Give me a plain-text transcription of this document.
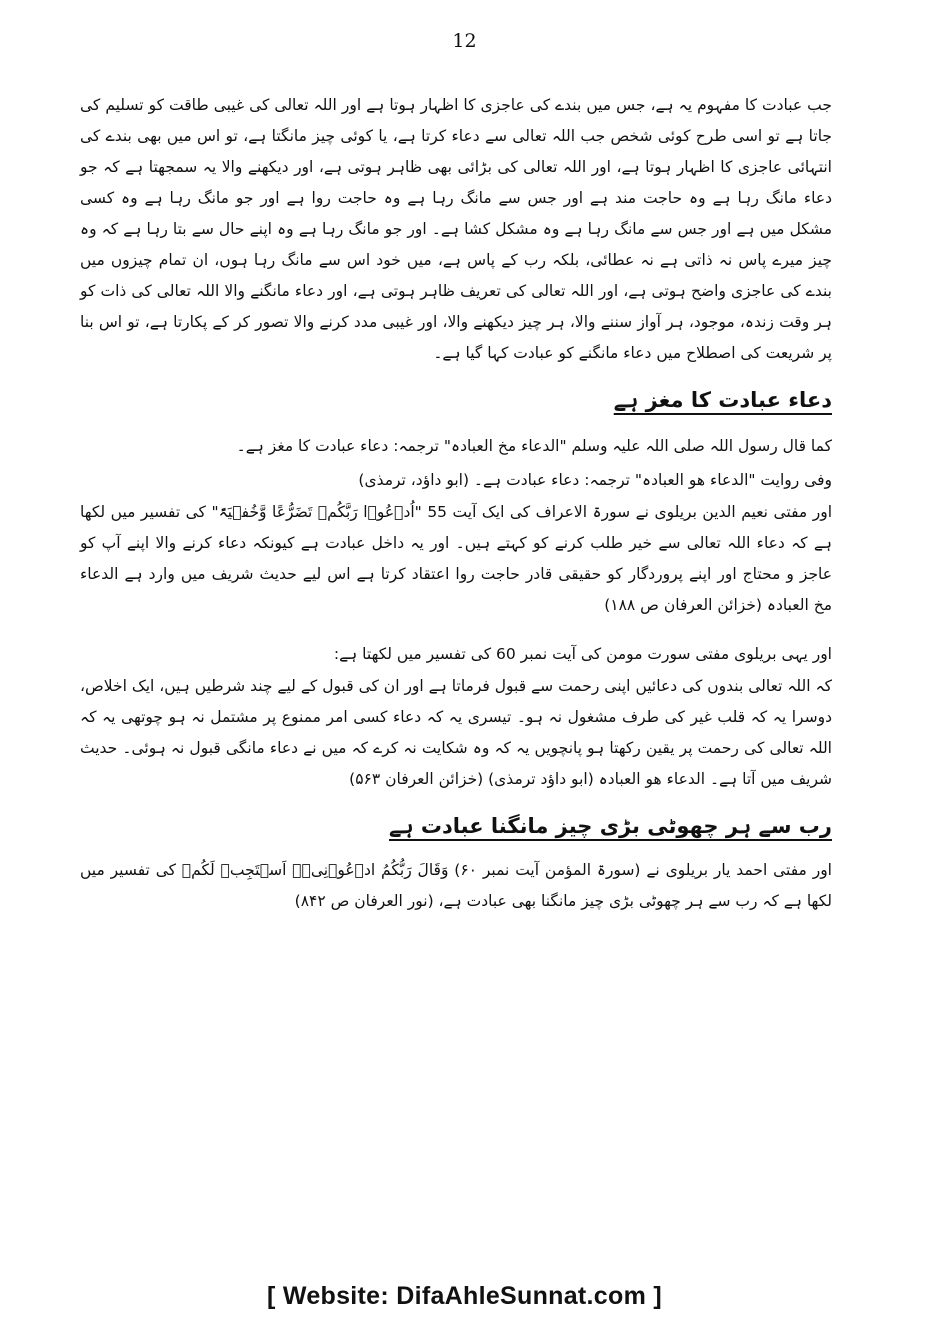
12

جب عبادت کا مفہوم یہ ہے، جس میں بندے کی عاجزی کا اظہار ہوتا ہے اور اللہ تعالی کی غیبی طاقت کو تسلیم کی جاتا ہے تو اسی طرح کوئی شخص جب اللہ تعالی سے دعاء کرتا ہے، یا کوئی چیز مانگتا ہے، تو اس میں بھی بندے کی انتہائی عاجزی کا اظہار ہوتا ہے، اور اللہ تعالی کی بڑائی بھی ظاہر ہوتی ہے، اور دیکھنے والا یہ سمجھتا ہے کہ جو دعاء مانگ رہا ہے وہ حاجت مند ہے اور جس سے مانگ رہا ہے وہ حاجت روا ہے اور جو مانگ رہا ہے وہ کسی مشکل میں ہے اور جس سے مانگ رہا ہے وہ مشکل کشا ہے۔ اور جو مانگ رہا ہے وہ اپنے حال سے بتا رہا ہے کہ وہ چیز میرے پاس نہ ذاتی ہے نہ عطائی، بلکہ رب کے پاس ہے، میں خود اس سے مانگ رہا ہوں، ان تمام چیزوں میں بندے کی عاجزی واضح ہوتی ہے، اور اللہ تعالی کی تعریف ظاہر ہوتی ہے، اور دعاء مانگنے والا اللہ تعالی کی ذات کو ہر وقت زندہ، موجود، ہر آواز سننے والا، ہر چیز دیکھنے والا، اور غیبی مدد کرنے والا تصور کر کے پکارتا ہے، تو اس بنا پر شریعت کی اصطلاح میں دعاء مانگنے کو عبادت کہا گیا ہے۔

دعاء عبادت کا مغز ہے

کما قال رسول اللہ صلی اللہ علیہ وسلم "الدعاء مخ العبادہ" ترجمہ: دعاء عبادت کا مغز ہے۔

وفی روایت "الدعاء ھو العبادہ" ترجمہ: دعاء عبادت ہے۔ (ابو داؤد، ترمذی)

اور مفتی نعیم الدین بریلوی نے سورۃ الاعراف کی ایک آیت 55 "اُدۡعُوۡا رَبَّکُمۡ تَضَرُّعًا وَّخُفۡیَۃً" کی تفسیر میں لکھا ہے کہ دعاء اللہ تعالی سے خیر طلب کرنے کو کہتے ہیں۔ اور یہ داخل عبادت ہے کیونکہ دعاء کرنے والا اپنے آپ کو عاجز و محتاج اور اپنے پروردگار کو حقیقی قادر حاجت روا اعتقاد کرتا ہے اس لیے حدیث شریف میں وارد ہے الدعاء مخ العبادہ (خزائن العرفان ص ۱۸۸)

اور یہی بریلوی مفتی سورت مومن کی آیت نمبر 60 کی تفسیر میں لکھتا ہے:

کہ اللہ تعالی بندوں کی دعائیں اپنی رحمت سے قبول فرماتا ہے اور ان کی قبول کے لیے چند شرطیں ہیں، ایک اخلاص، دوسرا یہ کہ قلب غیر کی طرف مشغول نہ ہو۔ تیسری یہ کہ دعاء کسی امر ممنوع پر مشتمل نہ ہو چوتھی یہ کہ اللہ تعالی کی رحمت پر یقین رکھتا ہو پانچویں یہ کہ وہ شکایت نہ کرے کہ میں نے دعاء مانگی قبول نہ ہوئی۔ حدیث شریف میں آتا ہے۔ الدعاء ھو العبادہ (ابو داؤد ترمذی) (خزائن العرفان ۵۶۳)

رب سے ہر چھوٹی بڑی چیز مانگنا عبادت ہے

اور مفتی احمد یار بریلوی نے (سورۃ المؤمن آیت نمبر ۶۰) وَقَالَ رَبُّکُمُ ادۡعُوۡنِیۡۤ اَسۡتَجِبۡ لَکُمۡ کی تفسیر میں لکھا ہے کہ رب سے ہر چھوٹی بڑی چیز مانگنا بھی عبادت ہے، (نور العرفان ص ۸۴۲)

[ Website: DifaAhleSunnat.com ]
